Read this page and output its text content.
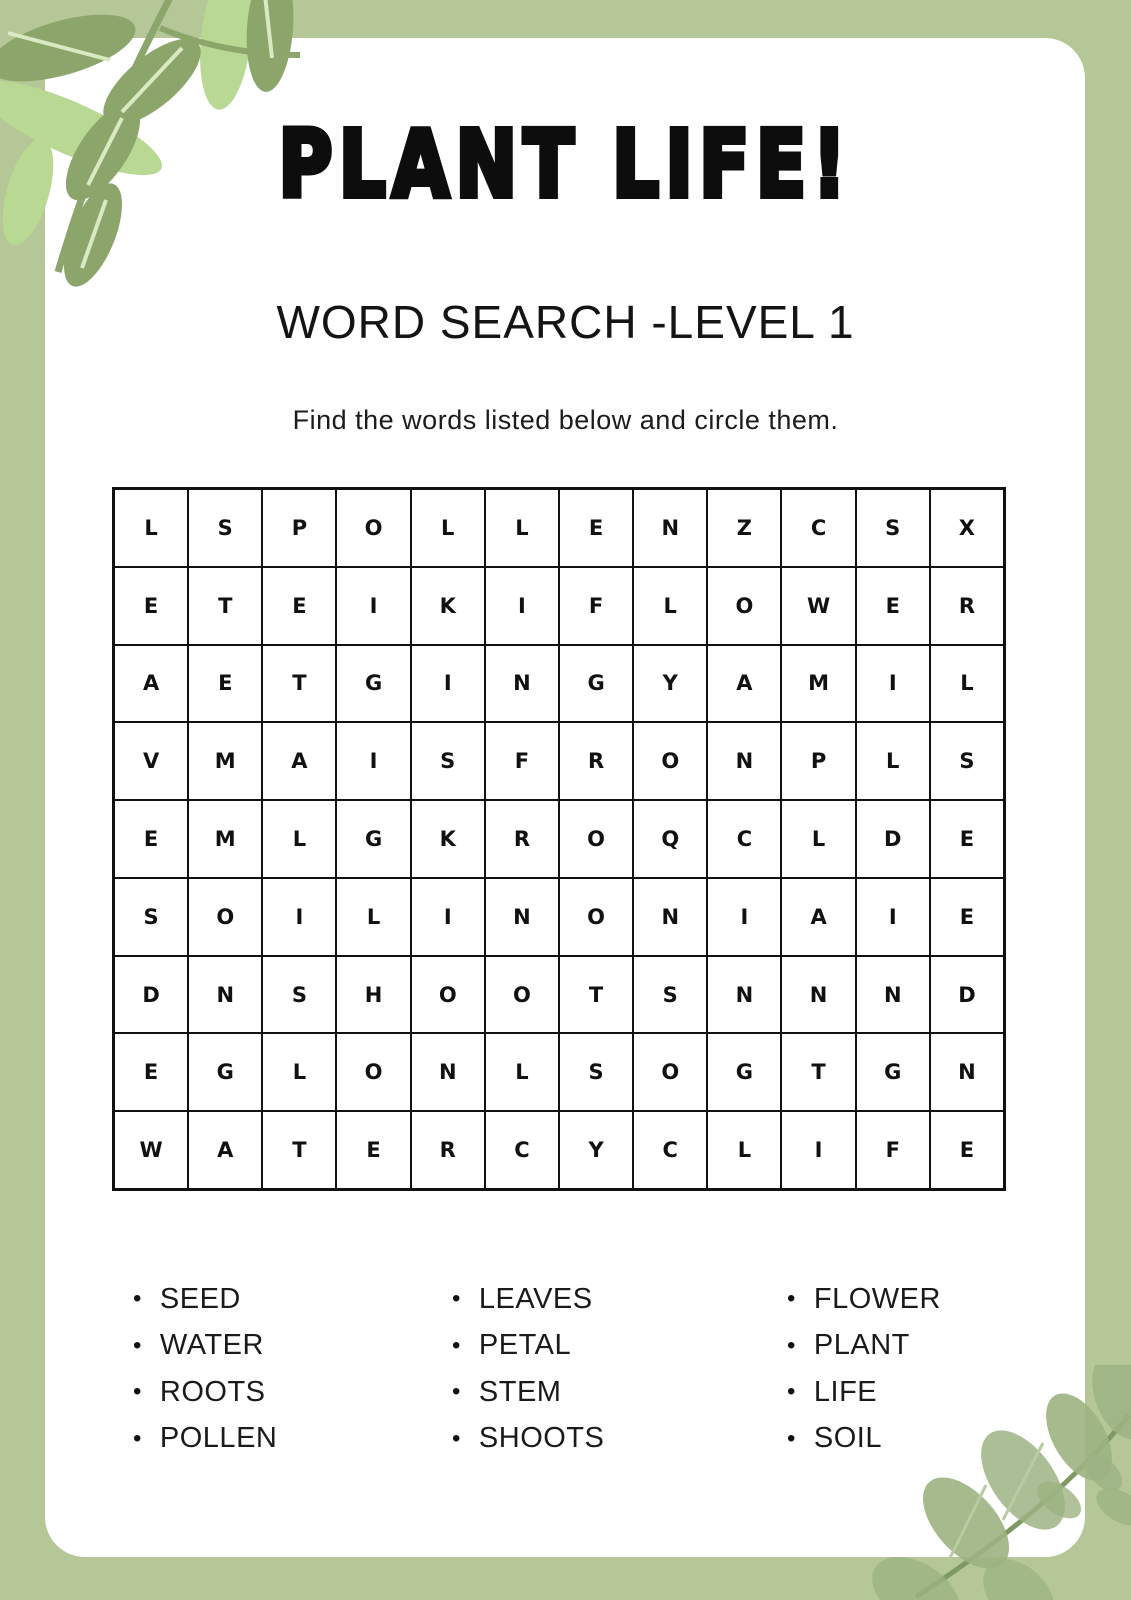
PLANT LIFE!
WORD SEARCH -LEVEL 1
Find the words listed below and circle them.
L	S	P	O	L	L	E	N	Z	C	S	X
E	T	E	I	K	I	F	L	O	W	E	R
A	E	T	G	I	N	G	Y	A	M	I	L
V	M	A	I	S	F	R	O	N	P	L	S
E	M	L	G	K	R	O	Q	C	L	D	E
S	O	I	L	I	N	O	N	I	A	I	E
D	N	S	H	O	O	T	S	N	N	N	D
E	G	L	O	N	L	S	O	G	T	G	N
W	A	T	E	R	C	Y	C	L	I	F	E
• SEED
• WATER
• ROOTS
• POLLEN
• LEAVES
• PETAL
• STEM
• SHOOTS
• FLOWER
• PLANT
• LIFE
• SOIL
